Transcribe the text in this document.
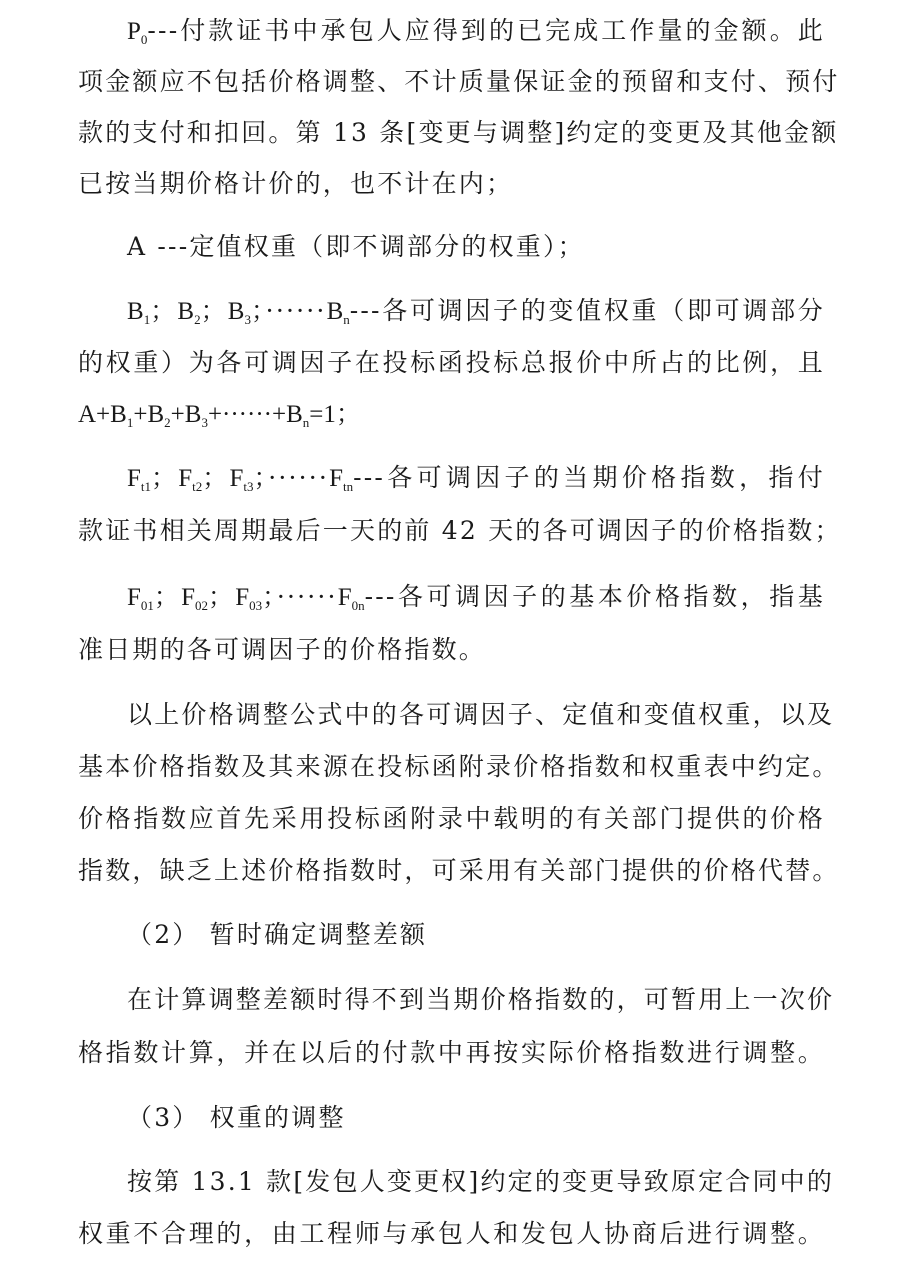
$P_0---$付款证书中承包人应得到的已完成工作量的金额。此
项金额应不包括价格调整、不计质量保证金的预留和支付、预付
款的支付和扣回。第 13 条[变更与调整]约定的变更及其他金额
已按当期价格计价的，也不计在内；
A ---定值权重（即不调部分的权重）；
$B_1$；$B_2$；$B_3$；$\cdot\cdot\cdot\cdot\cdot\cdot B_n---$各可调因子的变值权重（即可调部分
的权重）为各可调因子在投标函投标总报价中所占的比例，且
$A+B_1+B_2+B_3+\cdot\cdot\cdot\cdot\cdot\cdot+B_n=1$；
$F_{t1}$；$F_{t2}$；$F_{t3}$；$\cdot\cdot\cdot\cdot\cdot\cdot F_{tn}---$各可调因子的当期价格指数，指付
款证书相关周期最后一天的前 42 天的各可调因子的价格指数；
$F_{01}$；$F_{02}$；$F_{03}$；$\cdot\cdot\cdot\cdot\cdot\cdot F_{0n}---$各可调因子的基本价格指数，指基
准日期的各可调因子的价格指数。
以上价格调整公式中的各可调因子、定值和变值权重，以及
基本价格指数及其来源在投标函附录价格指数和权重表中约定。
价格指数应首先采用投标函附录中载明的有关部门提供的价格
指数，缺乏上述价格指数时，可采用有关部门提供的价格代替。
（2） 暂时确定调整差额
在计算调整差额时得不到当期价格指数的，可暂用上一次价
格指数计算，并在以后的付款中再按实际价格指数进行调整。
（3） 权重的调整
按第 13.1 款[发包人变更权]约定的变更导致原定合同中的
权重不合理的，由工程师与承包人和发包人协商后进行调整。
